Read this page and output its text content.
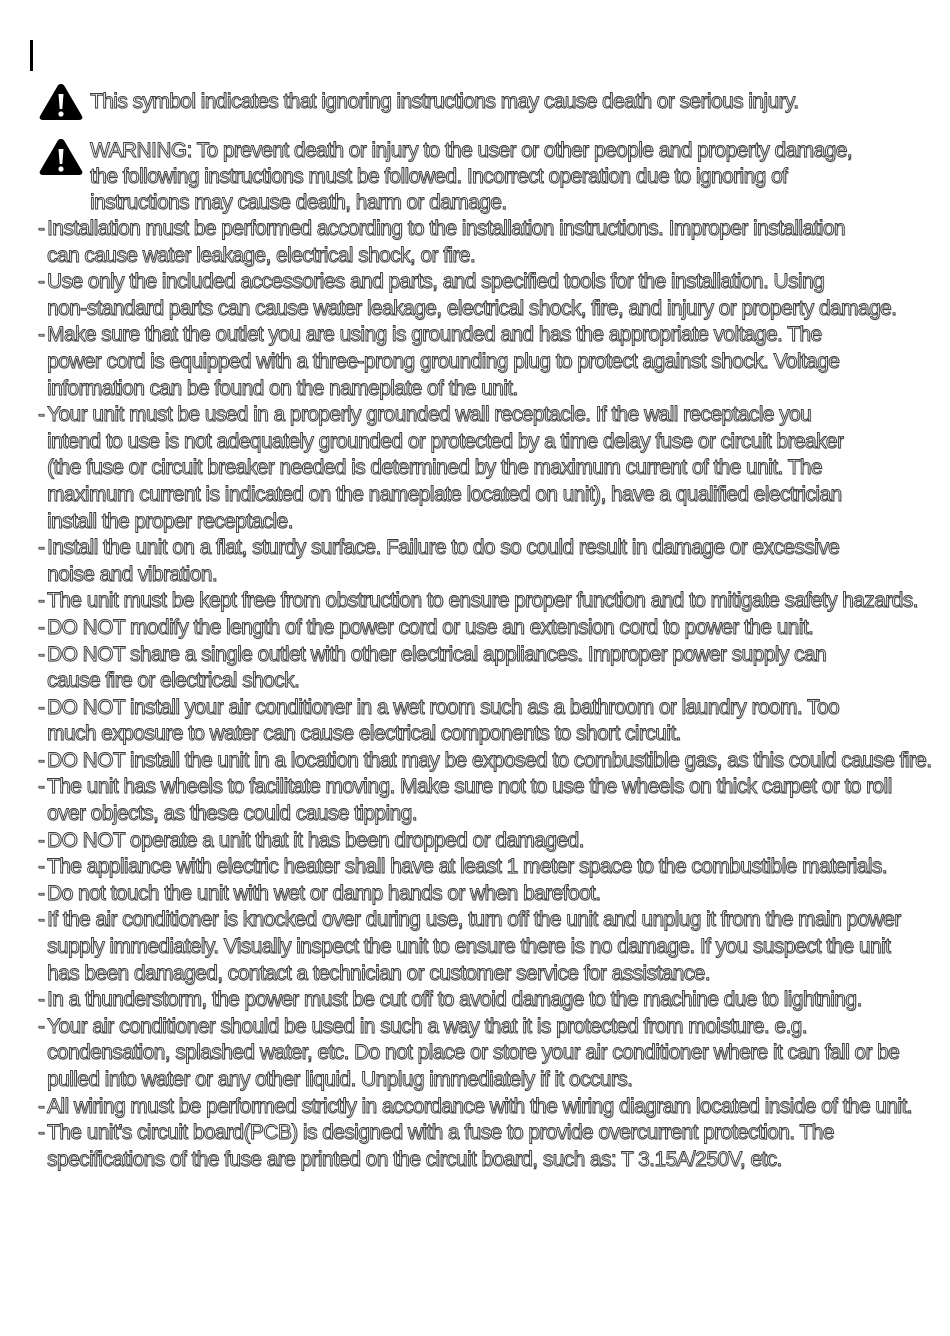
This symbol indicates that ignoring instructions may cause death or serious injury.
WARNING: To prevent death or injury to the user or other people and property damage,
the following instructions must be followed. Incorrect operation due to ignoring of
instructions may cause death, harm or damage.
- Installation must be performed according to the installation instructions. Improper installation
can cause water leakage, electrical shock, or fire.
- Use only the included accessories and parts, and specified tools for the installation. Using
non-standard parts can cause water leakage, electrical shock, fire, and injury or property damage.
- Make sure that the outlet you are using is grounded and has the appropriate voltage. The
power cord is equipped with a three-prong grounding plug to protect against shock. Voltage
information can be found on the nameplate of the unit.
- Your unit must be used in a properly grounded wall receptacle. If the wall receptacle you
intend to use is not adequately grounded or protected by a time delay fuse or circuit breaker
(the fuse or circuit breaker needed is determined by the maximum current of the unit. The
maximum current is indicated on the nameplate located on unit), have a qualified electrician
install the proper receptacle.
- Install the unit on a flat, sturdy surface. Failure to do so could result in damage or excessive
noise and vibration.
- The unit must be kept free from obstruction to ensure proper function and to mitigate safety hazards.
- DO NOT modify the length of the power cord or use an extension cord to power the unit.
- DO NOT share a single outlet with other electrical appliances. Improper power supply can
cause fire or electrical shock.
- DO NOT install your air conditioner in a wet room such as a bathroom or laundry room. Too
much exposure to water can cause electrical components to short circuit.
- DO NOT install the unit in a location that may be exposed to combustible gas, as this could cause fire.
- The unit has wheels to facilitate moving. Make sure not to use the wheels on thick carpet or to roll
over objects, as these could cause tipping.
- DO NOT operate a unit that it has been dropped or damaged.
- The appliance with electric heater shall have at least 1 meter space to the combustible materials.
- Do not touch the unit with wet or damp hands or when barefoot.
- If the air conditioner is knocked over during use, turn off the unit and unplug it from the main power
supply immediately. Visually inspect the unit to ensure there is no damage. If you suspect the unit
has been damaged, contact a technician or customer service for assistance.
- In a thunderstorm, the power must be cut off to avoid damage to the machine due to lightning.
- Your air conditioner should be used in such a way that it is protected from moisture. e.g.
condensation, splashed water, etc. Do not place or store your air conditioner where it can fall or be
pulled into water or any other liquid. Unplug immediately if it occurs.
- All wiring must be performed strictly in accordance with the wiring diagram located inside of the unit.
- The unit’s circuit board(PCB) is designed with a fuse to provide overcurrent protection. The
specifications of the fuse are printed on the circuit board, such as: T 3.15A/250V, etc.
